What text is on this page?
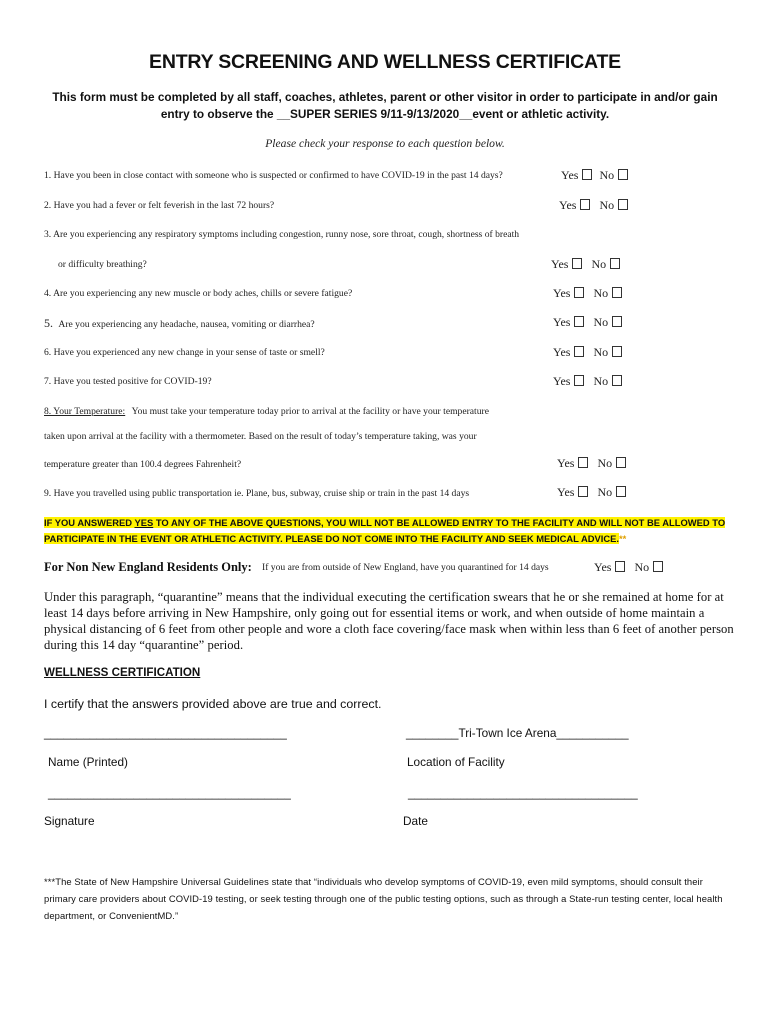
ENTRY SCREENING AND WELLNESS CERTIFICATE
This form must be completed by all staff, coaches, athletes, parent or other visitor in order to participate in and/or gain entry to observe the __SUPER SERIES 9/11-9/13/2020__event or athletic activity.
Please check your response to each question below.
1. Have you been in close contact with someone who is suspected or confirmed to have COVID-19 in the past 14 days?	Yes No
2. Have you had a fever or felt feverish in the last 72 hours?	Yes No
3. Are you experiencing any respiratory symptoms including congestion, runny nose, sore throat, cough, shortness of breath
or difficulty breathing?	Yes No
4. Are you experiencing any new muscle or body aches, chills or severe fatigue?	Yes No
5. Are you experiencing any headache, nausea, vomiting or diarrhea?	Yes No
6. Have you experienced any new change in your sense of taste or smell?	Yes No
7. Have you tested positive for COVID-19?	Yes No
8. Your Temperature: You must take your temperature today prior to arrival at the facility or have your temperature
taken upon arrival at the facility with a thermometer. Based on the result of today’s temperature taking, was your
temperature greater than 100.4 degrees Fahrenheit?	Yes No
9. Have you travelled using public transportation ie. Plane, bus, subway, cruise ship or train in the past 14 days	Yes No
IF YOU ANSWERED YES TO ANY OF THE ABOVE QUESTIONS, YOU WILL NOT BE ALLOWED ENTRY TO THE FACILITY AND WILL NOT BE ALLOWED TO PARTICIPATE IN THE EVENT OR ATHLETIC ACTIVITY. PLEASE DO NOT COME INTO THE FACILITY AND SEEK MEDICAL ADVICE.**
For Non New England Residents Only: If you are from outside of New England, have you quarantined for 14 days	Yes No
Under this paragraph, “quarantine” means that the individual executing the certification swears that he or she remained at home for at least 14 days before arriving in New Hampshire, only going out for essential items or work, and when outside of home maintain a physical distancing of 6 feet from other people and wore a cloth face covering/face mask when within less than 6 feet of another person during this 14 day “quarantine” period.
WELLNESS CERTIFICATION
I certify that the answers provided above are true and correct.
_____________________________________	________Tri-Town Ice Arena___________
Name (Printed)	Location of Facility
_____________________________________	___________________________________
Signature	Date
***The State of New Hampshire Universal Guidelines state that “individuals who develop symptoms of COVID-19, even mild symptoms, should consult their primary care providers about COVID-19 testing, or seek testing through one of the public testing options, such as through a State-run testing center, local health department, or ConvenientMD.”
